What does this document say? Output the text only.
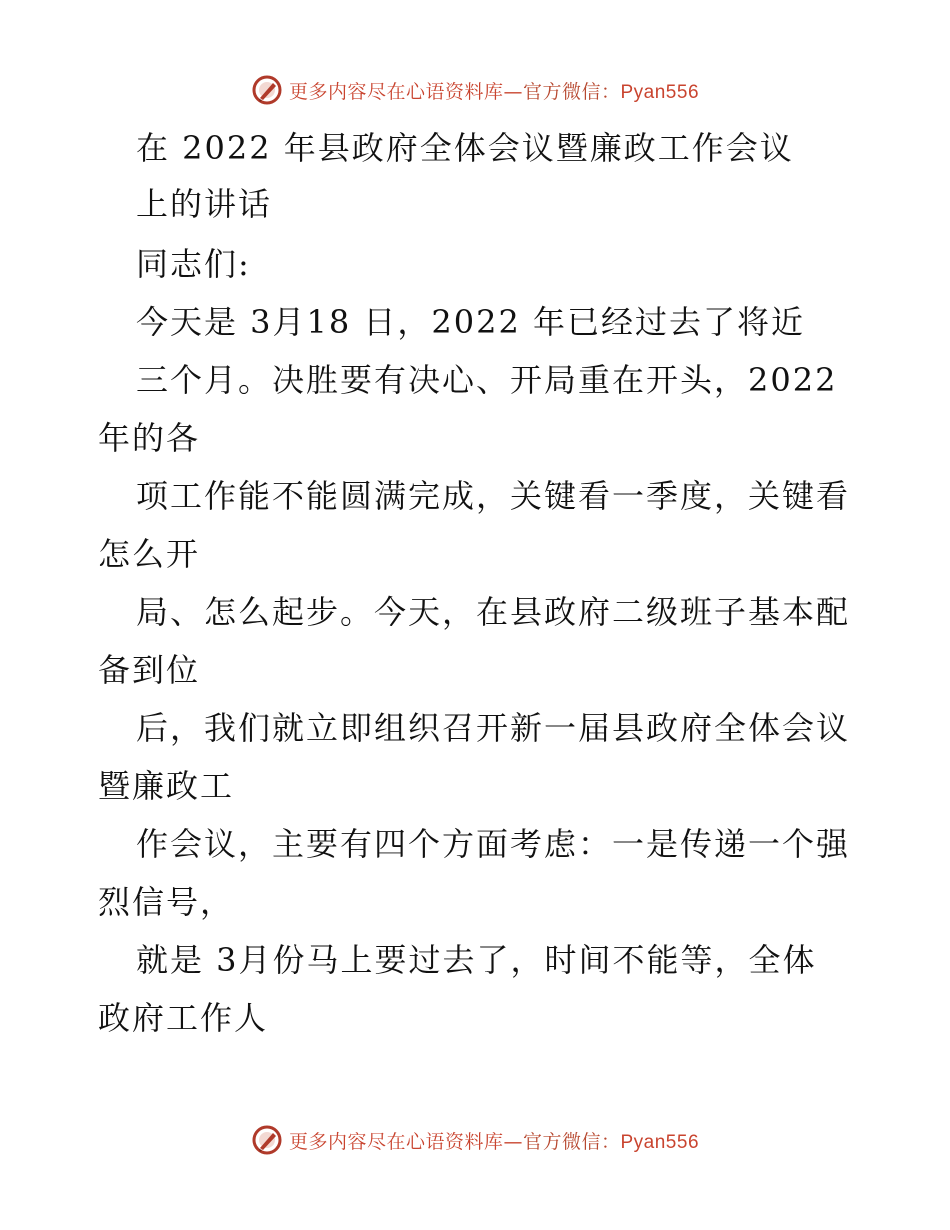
更多内容尽在心语资料库—官方微信：Pyan556
在 2022 年县政府全体会议暨廉政工作会议
上的讲话
同志们:
今天是 3月18 日，2022 年已经过去了将近
三个月。决胜要有决心、开局重在开头，2022
年的各
项工作能不能圆满完成，关键看一季度，关键看
怎么开
局、怎么起步。今天，在县政府二级班子基本配
备到位
后，我们就立即组织召开新一届县政府全体会议
暨廉政工
作会议，主要有四个方面考虑：一是传递一个强
烈信号，
就是 3月份马上要过去了，时间不能等，全体
政府工作人
更多内容尽在心语资料库—官方微信：Pyan556
